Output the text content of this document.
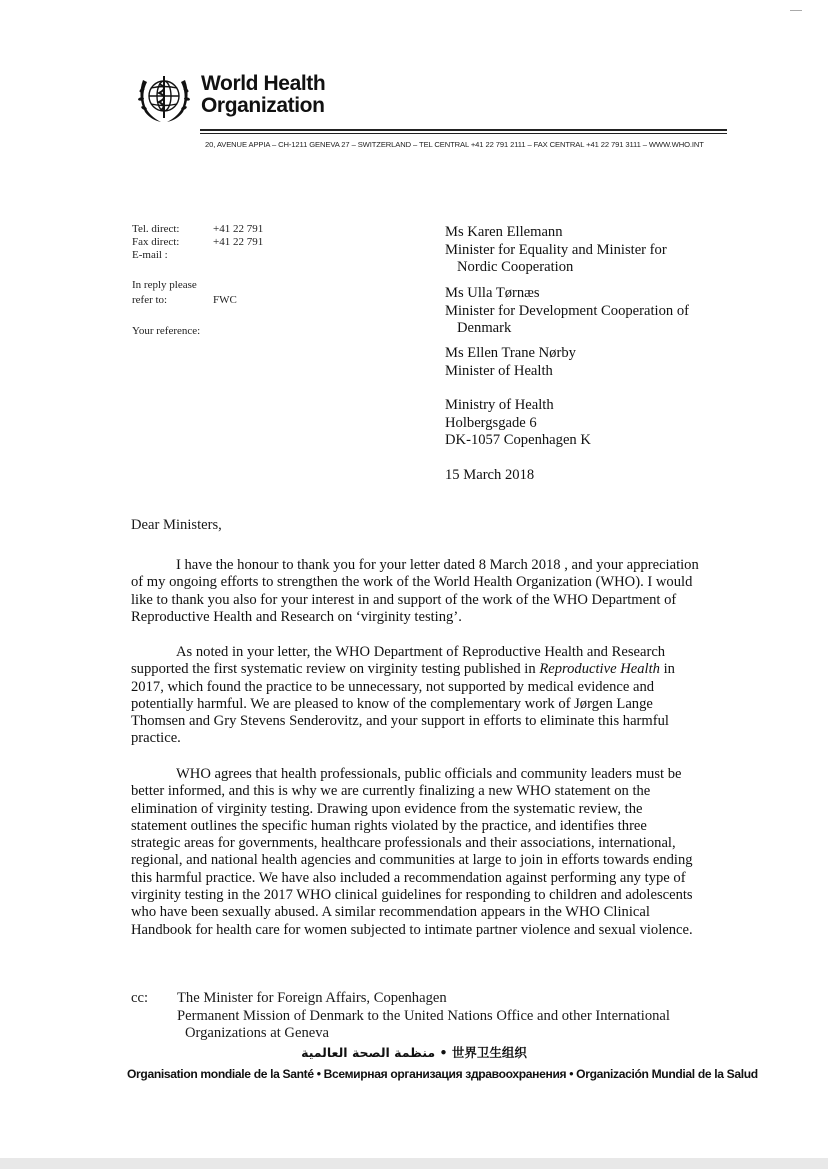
World Health
Organization
20, AVENUE APPIA – CH-1211 GENEVA 27 – SWITZERLAND – TEL CENTRAL +41 22 791 2111 – FAX CENTRAL +41 22 791 3111 – WWW.WHO.INT
Tel. direct:	+41 22 791
Fax direct:	+41 22 791
E-mail :
In reply please
refer to:	FWC
Your reference:
Ms Karen Ellemann
Minister for Equality and Minister for
Nordic Cooperation
Ms Ulla Tørnæs
Minister for Development Cooperation of
Denmark
Ms Ellen Trane Nørby
Minister of Health
Ministry of Health
Holbergsgade 6
DK-1057 Copenhagen K
15 March 2018
Dear Ministers,
I have the honour to thank you for your letter dated 8 March 2018 , and your appreciation
of my ongoing efforts to strengthen the work of the World Health Organization (WHO). I would
like to thank you also for your interest in and support of the work of the WHO Department of
Reproductive Health and Research on ‘virginity testing’.
As noted in your letter, the WHO Department of Reproductive Health and Research
supported the first systematic review on virginity testing published in Reproductive Health in
2017, which found the practice to be unnecessary, not supported by medical evidence and
potentially harmful. We are pleased to know of the complementary work of Jørgen Lange
Thomsen and Gry Stevens Senderovitz, and your support in efforts to eliminate this harmful
practice.
WHO agrees that health professionals, public officials and community leaders must be
better informed, and this is why we are currently finalizing a new WHO statement on the
elimination of virginity testing. Drawing upon evidence from the systematic review, the
statement outlines the specific human rights violated by the practice, and identifies three
strategic areas for governments, healthcare professionals and their associations, international,
regional, and national health agencies and communities at large to join in efforts towards ending
this harmful practice. We have also included a recommendation against performing any type of
virginity testing in the 2017 WHO clinical guidelines for responding to children and adolescents
who have been sexually abused. A similar recommendation appears in the WHO Clinical
Handbook for health care for women subjected to intimate partner violence and sexual violence.
cc: The Minister for Foreign Affairs, Copenhagen
Permanent Mission of Denmark to the United Nations Office and other International
Organizations at Geneva
منظمة الصحة العالمية • 世界卫生组织
Organisation mondiale de la Santé • Всемирная организация здравоохранения • Organización Mundial de la Salud
